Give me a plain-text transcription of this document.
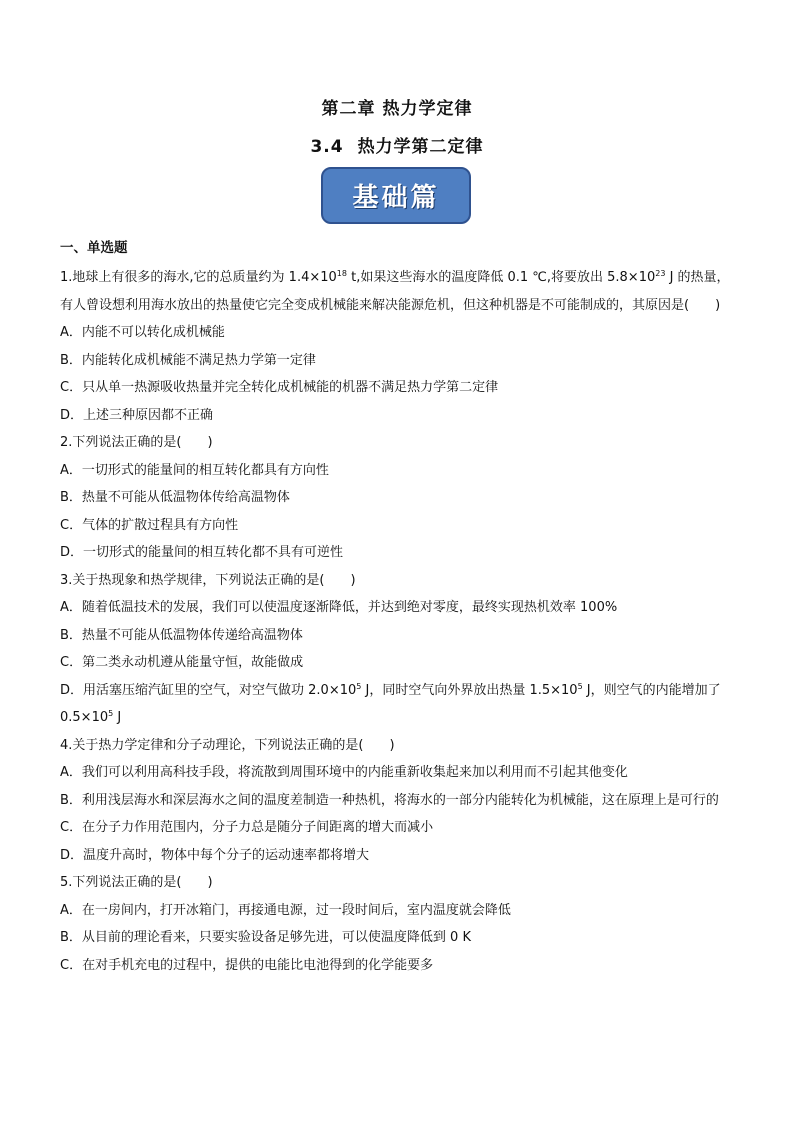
第二章 热力学定律
3.4 热力学第二定律
基础篇
一、单选题
1.地球上有很多的海水,它的总质量约为 $1.4\times 10^{18}$ t,如果这些海水的温度降低 0.1 ℃,将要放出 $5.8\times 10^{23}$ J 的热量，有人曾设想利用海水放出的热量使它完全变成机械能来解决能源危机，但这种机器是不可能制成的，其原因是(　　)
A．内能不可以转化成机械能
B．内能转化成机械能不满足热力学第一定律
C．只从单一热源吸收热量并完全转化成机械能的机器不满足热力学第二定律
D．上述三种原因都不正确
2.下列说法正确的是(　　)
A．一切形式的能量间的相互转化都具有方向性
B．热量不可能从低温物体传给高温物体
C．气体的扩散过程具有方向性
D．一切形式的能量间的相互转化都不具有可逆性
3.关于热现象和热学规律，下列说法正确的是(　　)
A．随着低温技术的发展，我们可以使温度逐渐降低，并达到绝对零度，最终实现热机效率 100%
B．热量不可能从低温物体传递给高温物体
C．第二类永动机遵从能量守恒，故能做成
D．用活塞压缩汽缸里的空气，对空气做功 $2.0\times 10^5$ J，同时空气向外界放出热量 $1.5\times 10^5$ J，则空气的内能增加了 $0.5\times 10^5$ J
4.关于热力学定律和分子动理论，下列说法正确的是(　　)
A．我们可以利用高科技手段，将流散到周围环境中的内能重新收集起来加以利用而不引起其他变化
B．利用浅层海水和深层海水之间的温度差制造一种热机，将海水的一部分内能转化为机械能，这在原理上是可行的
C．在分子力作用范围内，分子力总是随分子间距离的增大而减小
D．温度升高时，物体中每个分子的运动速率都将增大
5.下列说法正确的是(　　)
A．在一房间内，打开冰箱门，再接通电源，过一段时间后，室内温度就会降低
B．从目前的理论看来，只要实验设备足够先进，可以使温度降低到 0 K
C．在对手机充电的过程中，提供的电能比电池得到的化学能要多
